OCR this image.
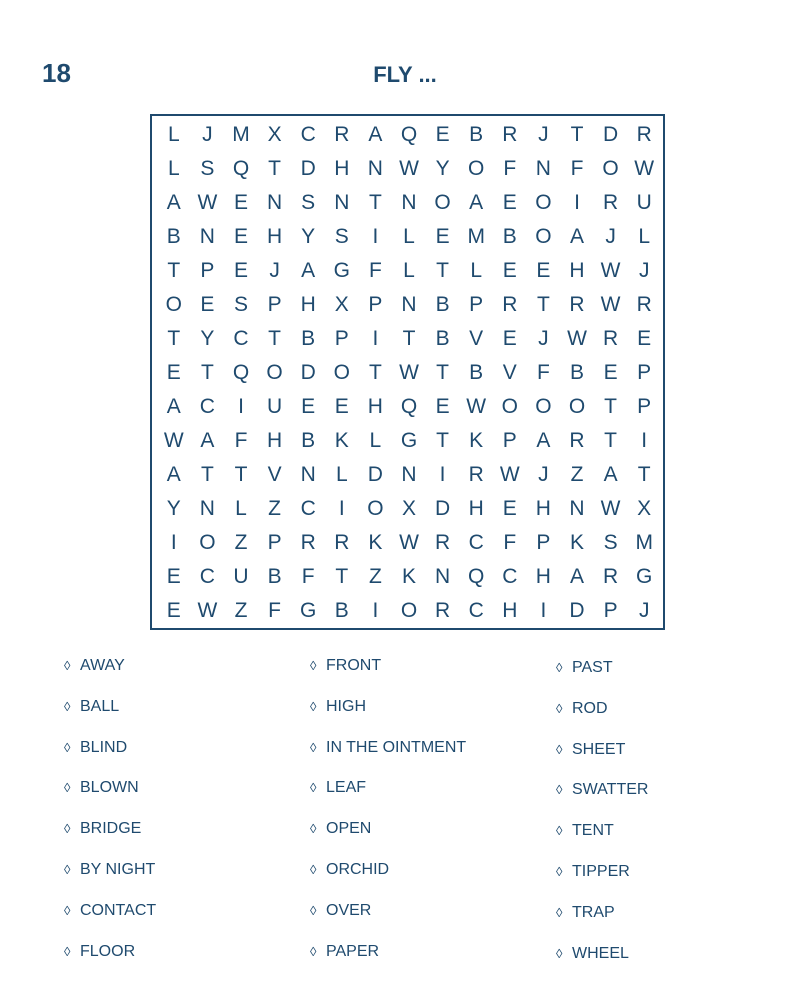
18	FLY ...
L	J M X C R A Q E B R J	T D R
L S Q T D H N W Y O F N F O W
A W E N S N T N O A E O	I	R U
B N E H Y S	I	L E M B O A	J	L
T P E	J	A G F	L	T	L E E H W J
O E S P H X P N B P R T R W R
T Y C T B P	I	T B V E	J W R E
E T Q O D O T W T B V F B E P
A C	I	U E E H Q E W O O O T P
W A F H B K L G T K P A R T	I
A T T V N L D N	I	R W J	Z A T
Y N L	Z C	I	O X D H E H N W X
I	O Z P R R K W R C F P K S M
E C U B F T Z K N Q C H A R G
E W Z F G B	I	O R C H	I	D P	J
◊ AWAY
◊ BALL
◊ BLIND
◊ BLOWN
◊ BRIDGE
◊ BY NIGHT
◊ CONTACT
◊ FLOOR
◊ FRONT
◊ HIGH
◊ IN THE OINTMENT
◊ LEAF
◊ OPEN
◊ ORCHID
◊ OVER
◊ PAPER
◊ PAST
◊ ROD
◊ SHEET
◊ SWATTER
◊ TENT
◊ TIPPER
◊ TRAP
◊ WHEEL
